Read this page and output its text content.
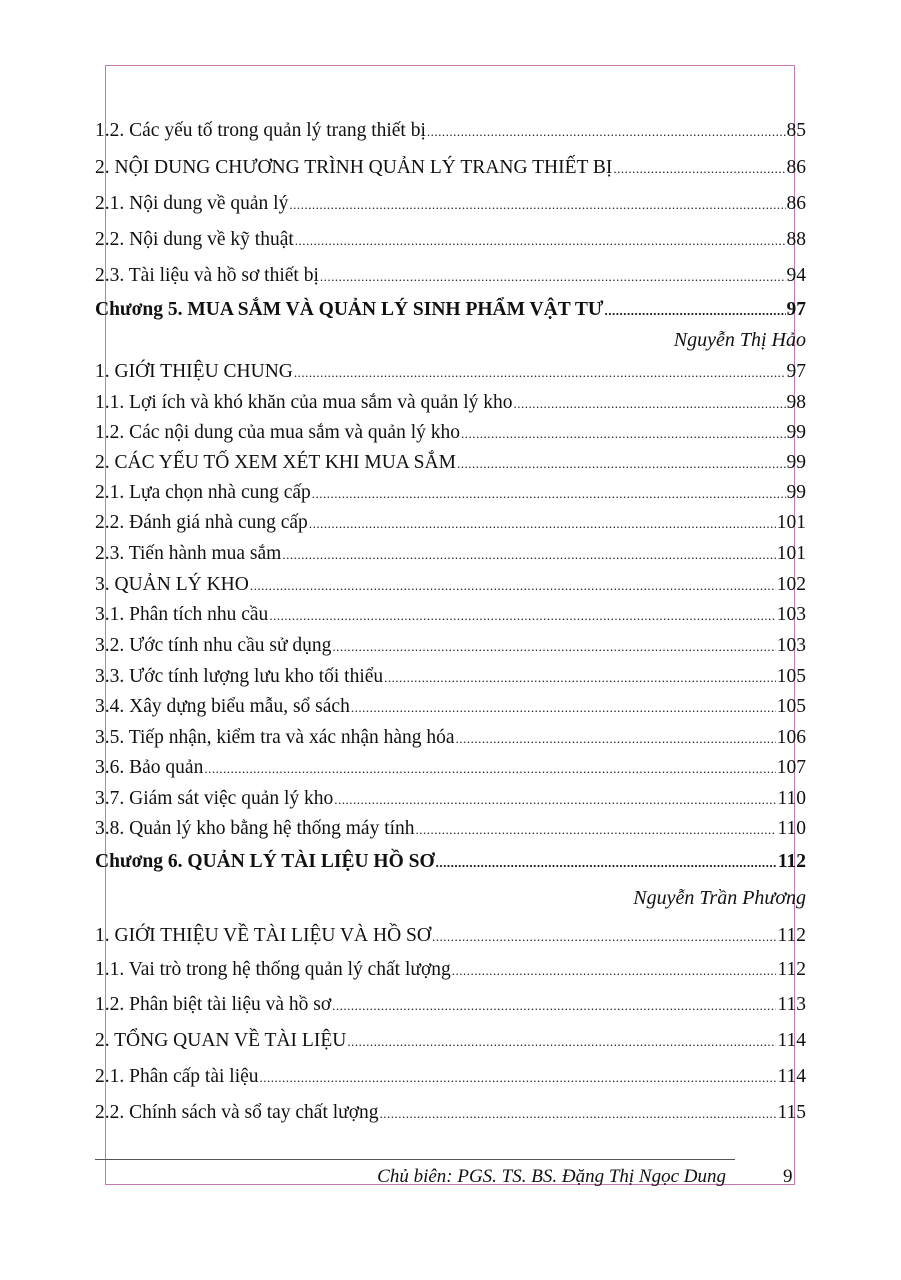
1.2. Các yếu tố trong quản lý trang thiết bị .....	85
2. NỘI DUNG CHƯƠNG TRÌNH QUẢN LÝ TRANG THIẾT BỊ .....	86
2.1. Nội dung về quản lý .....	86
2.2. Nội dung về kỹ thuật .....	88
2.3. Tài liệu và hồ sơ thiết bị .....	94
Chương 5. MUA SẮM VÀ QUẢN LÝ SINH PHẨM VẬT TƯ .....	97
Nguyễn Thị Hảo
1. GIỚI THIỆU CHUNG .....	97
1.1. Lợi ích và khó khăn của mua sắm và quản lý kho .....	98
1.2. Các nội dung của mua sắm và quản lý kho .....	99
2. CÁC YẾU TỐ XEM XÉT KHI MUA SẮM .....	99
2.1. Lựa chọn nhà cung cấp .....	99
2.2. Đánh giá nhà cung cấp .....	101
2.3. Tiến hành mua sắm .....	101
3. QUẢN LÝ KHO .....	102
3.1. Phân tích nhu cầu .....	103
3.2. Ước tính nhu cầu sử dụng .....	103
3.3. Ước tính lượng lưu kho tối thiểu .....	105
3.4. Xây dựng biểu mẫu, sổ sách .....	105
3.5. Tiếp nhận, kiểm tra và xác nhận hàng hóa .....	106
3.6. Bảo quản .....	107
3.7. Giám sát việc quản lý kho .....	110
3.8. Quản lý kho bằng hệ thống máy tính .....	110
Chương 6. QUẢN LÝ TÀI LIỆU HỒ SƠ .....	112
Nguyễn Trần Phương
1. GIỚI THIỆU VỀ TÀI LIỆU VÀ HỒ SƠ .....	112
1.1. Vai trò trong hệ thống quản lý chất lượng .....	112
1.2. Phân biệt tài liệu và hồ sơ .....	113
2. TỔNG QUAN VỀ TÀI LIỆU .....	114
2.1. Phân cấp tài liệu .....	114
2.2. Chính sách và sổ tay chất lượng .....	115
Chủ biên: PGS. TS. BS. Đặng Thị Ngọc Dung	9
